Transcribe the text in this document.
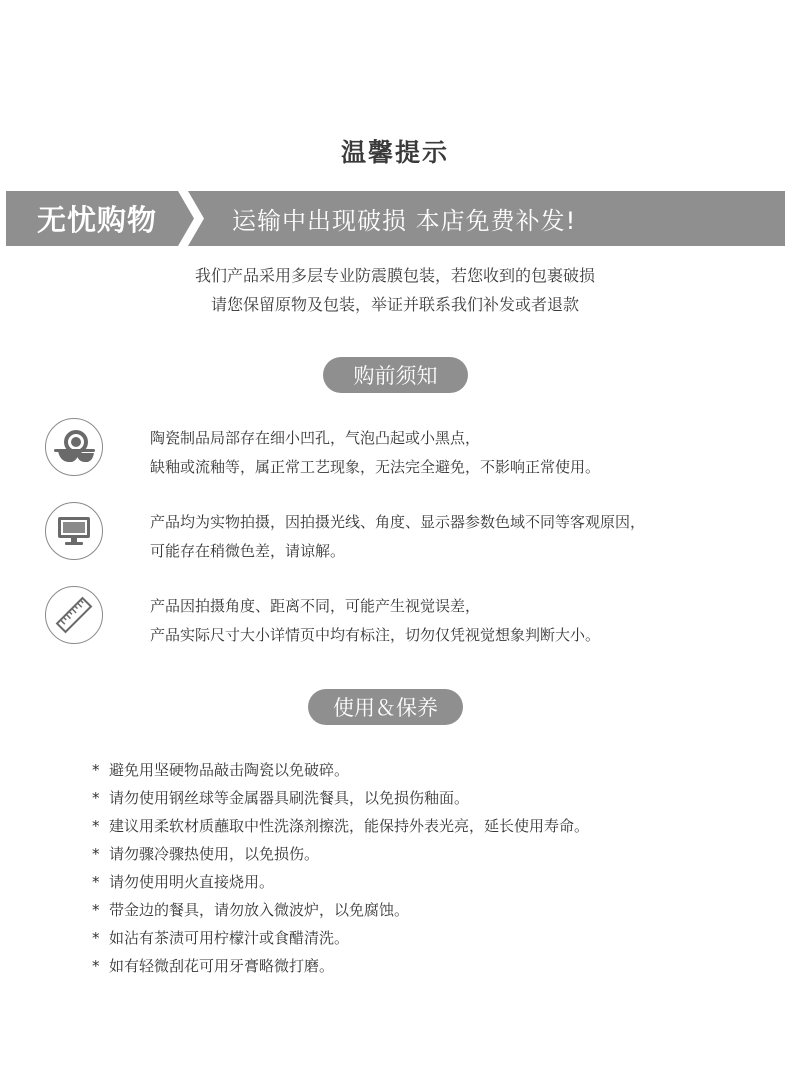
温馨提示
无忧购物	运输中出现破损 本店免费补发!
我们产品采用多层专业防震膜包装，若您收到的包裹破损
请您保留原物及包装，举证并联系我们补发或者退款
购前须知
陶瓷制品局部存在细小凹孔，气泡凸起或小黑点，
缺釉或流釉等，属正常工艺现象，无法完全避免，不影响正常使用。
产品均为实物拍摄，因拍摄光线、角度、显示器参数色域不同等客观原因，
可能存在稍微色差，请谅解。
产品因拍摄角度、距离不同，可能产生视觉误差，
产品实际尺寸大小详情页中均有标注，切勿仅凭视觉想象判断大小。
使用＆保养
* 避免用坚硬物品敲击陶瓷以免破碎。
* 请勿使用钢丝球等金属器具刷洗餐具，以免损伤釉面。
* 建议用柔软材质蘸取中性洗涤剂擦洗，能保持外表光亮，延长使用寿命。
* 请勿骤冷骤热使用，以免损伤。
* 请勿使用明火直接烧用。
* 带金边的餐具，请勿放入微波炉，以免腐蚀。
* 如沾有茶渍可用柠檬汁或食醋清洗。
* 如有轻微刮花可用牙膏略微打磨。
